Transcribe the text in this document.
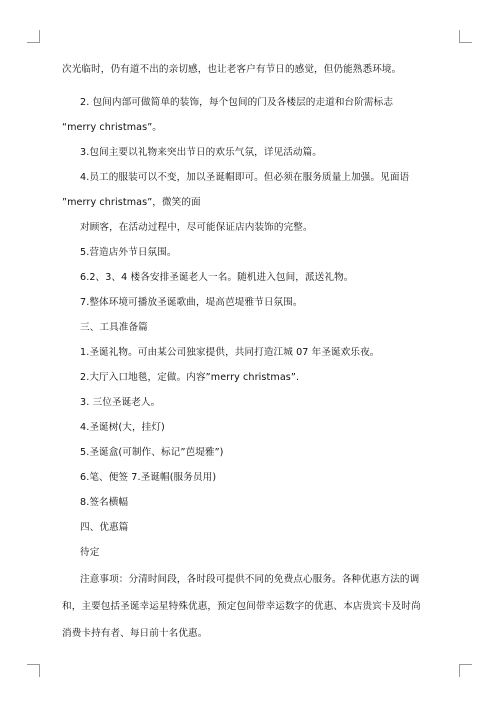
次光临时，仍有道不出的亲切感，也让老客户有节日的感觉，但仍能熟悉环境。
2. 包间内部可做简单的装饰，每个包间的门及各楼层的走道和台阶需标志
“merry christmas”。
3.包间主要以礼物来突出节日的欢乐气氛，详见活动篇。
4.员工的服装可以不变，加以圣诞帽即可。但必须在服务质量上加强。见面语
”merry christmas”，微笑的面
对顾客，在活动过程中，尽可能保证店内装饰的完整。
5.营造店外节日氛围。
6.2、3、4 楼各安排圣诞老人一名。随机进入包间，派送礼物。
7.整体环境可播放圣诞歌曲，堤高芭堤雅节日氛围。
三、工具准备篇
1.圣诞礼物。可由某公司独家提供，共同打造江城 07 年圣诞欢乐夜。
2.大厅入口地毯，定做。内容”merry christmas”.
3. 三位圣诞老人。
4.圣诞树(大，挂灯)
5.圣诞盒(可制作、标记”芭堤雅”)
6.笔、便签 7.圣诞帽(服务员用)
8.签名横幅
四、优惠篇
待定
注意事项：分清时间段，各时段可提供不同的免费点心服务。各种优惠方法的调
和，主要包括圣诞幸运星特殊优惠，预定包间带幸运数字的优惠、本店贵宾卡及时尚
消费卡持有者、每日前十名优惠。
